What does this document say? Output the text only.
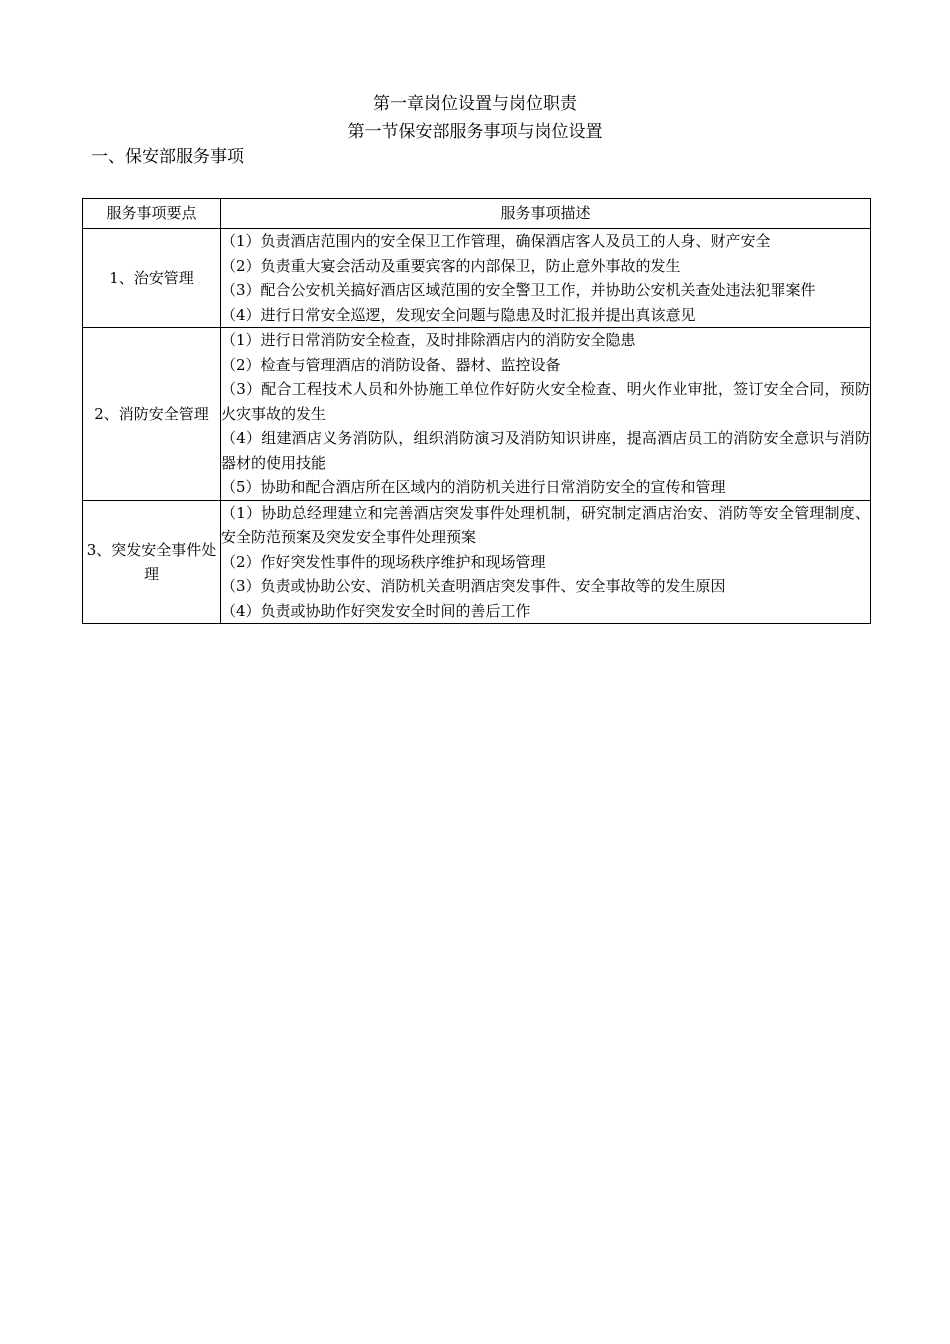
第一章岗位设置与岗位职责
第一节保安部服务事项与岗位设置
一、保安部服务事项
服务事项要点	服务事项描述
1、治安管理	（1）负责酒店范围内的安全保卫工作管理，确保酒店客人及员工的人身、财产安全

（2）负责重大宴会活动及重要宾客的内部保卫，防止意外事故的发生

（3）配合公安机关搞好酒店区域范围的安全警卫工作，并协助公安机关查处违法犯罪案件

（4）进行日常安全巡逻，发现安全问题与隐患及时汇报并提出真该意见

2、消防安全管理	（1）进行日常消防安全检查，及时排除酒店内的消防安全隐患

（2）检查与管理酒店的消防设备、器材、监控设备

（3）配合工程技术人员和外协施工单位作好防火安全检查、明火作业审批，签订安全合同，预防火灾事故的发生

（4）组建酒店义务消防队，组织消防演习及消防知识讲座，提高酒店员工的消防安全意识与消防器材的使用技能

（5）协助和配合酒店所在区域内的消防机关进行日常消防安全的宣传和管理

3、突发安全事件处理	（1）协助总经理建立和完善酒店突发事件处理机制，研究制定酒店治安、消防等安全管理制度、安全防范预案及突发安全事件处理预案

（2）作好突发性事件的现场秩序维护和现场管理

（3）负责或协助公安、消防机关查明酒店突发事件、安全事故等的发生原因

（4）负责或协助作好突发安全时间的善后工作
